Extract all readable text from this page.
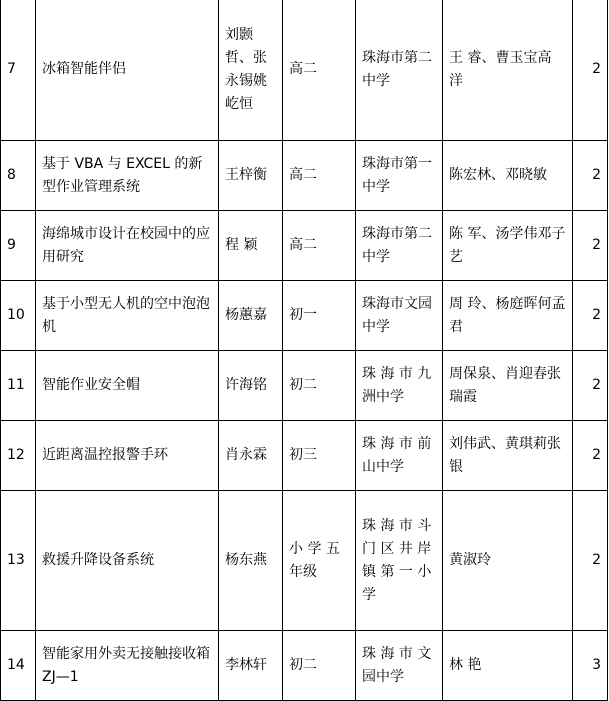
7	冰箱智能伴侣	刘颢哲、张永锡姚屹恒	高二	珠海市第二中学	王 睿、曹玉宝高 洋	2
8	基于 VBA 与 EXCEL 的新型作业管理系统	王梓衡	高二	珠海市第一中学	陈宏林、邓晓敏	2
9	海绵城市设计在校园中的应用研究	程 颖	高二	珠海市第二中学	陈 军、汤学伟邓子艺	2
10	基于小型无人机的空中泡泡机	杨蕙嘉	初一	珠海市文园中学	周 玲、杨庭晖何孟君	2
11	智能作业安全帽	许海铭	初二	珠 海 市 九洲中学	周保泉、肖迎春张瑞霞	2
12	近距离温控报警手环	肖永霖	初三	珠 海 市 前山中学	刘伟武、黄琪莉张 银	2
13	救援升降设备系统	杨东燕	小 学 五年级	珠 海 市 斗门 区 井 岸镇 第 一 小学	黄淑玲	2
14	智能家用外卖无接触接收箱 ZJ—1	李林轩	初二	珠 海 市 文园中学	林 艳	3
